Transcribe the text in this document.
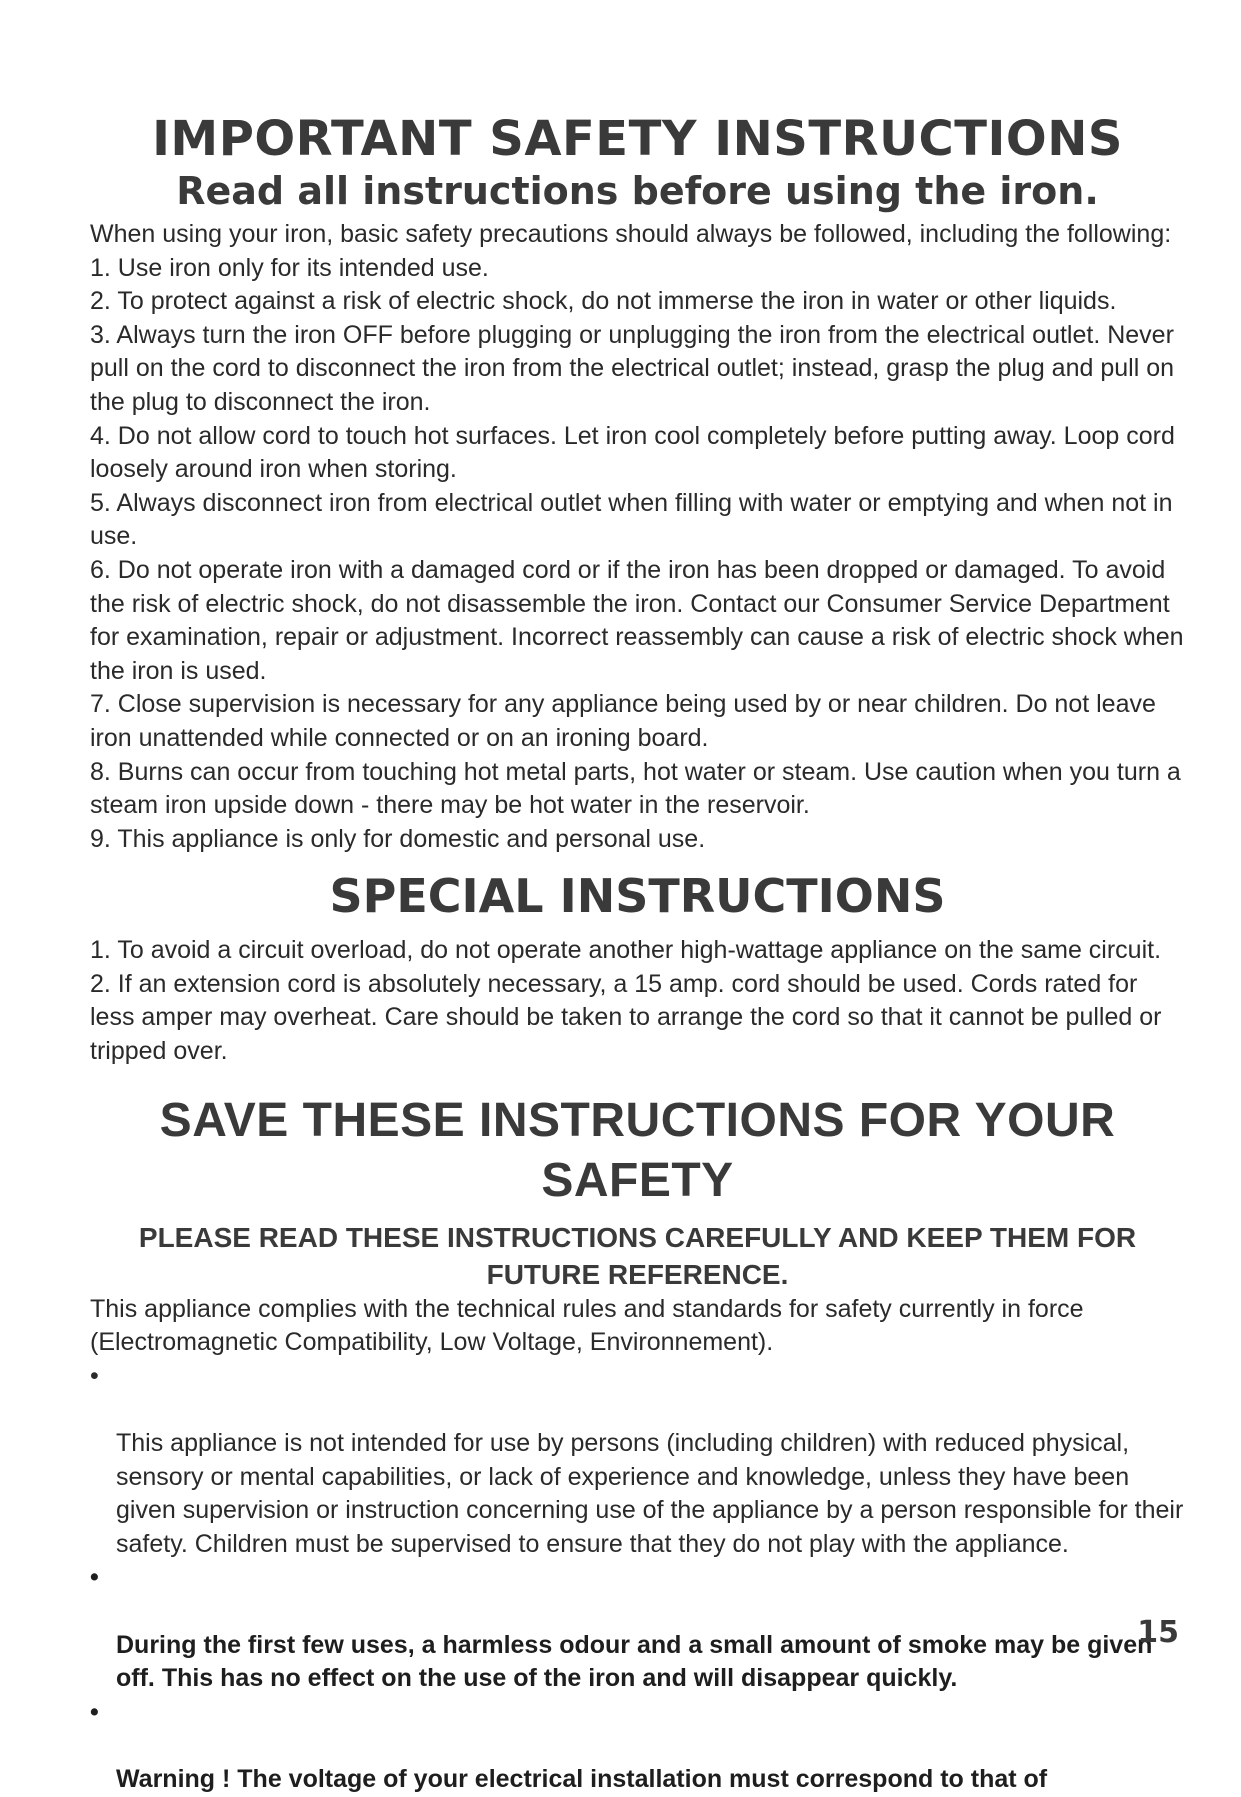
IMPORTANT SAFETY INSTRUCTIONS
Read all instructions before using the iron.

When using your iron, basic safety precautions should always be followed, including the following:

1. Use iron only for its intended use.

2. To protect against a risk of electric shock, do not immerse the iron in water or other liquids.

3. Always turn the iron OFF before plugging or unplugging the iron from the electrical outlet. Never pull on the cord to disconnect the iron from the electrical outlet; instead, grasp the plug and pull on the plug to disconnect the iron.

4. Do not allow cord to touch hot surfaces. Let iron cool completely before putting away. Loop cord loosely around iron when storing.

5. Always disconnect iron from electrical outlet when filling with water or emptying and when not in use.

6. Do not operate iron with a damaged cord or if the iron has been dropped or damaged. To avoid the risk of electric shock, do not disassemble the iron. Contact our Consumer Service Department for examination, repair or adjustment. Incorrect reassembly can cause a risk of electric shock when the iron is used.

7. Close supervision is necessary for any appliance being used by or near children. Do not leave iron unattended while connected or on an ironing board.

8. Burns can occur from touching hot metal parts, hot water or steam. Use caution when you turn a steam iron upside down - there may be hot water in the reservoir.

9. This appliance is only for domestic and personal use.

SPECIAL INSTRUCTIONS

1. To avoid a circuit overload, do not operate another high-wattage appliance on the same circuit.

2. If an extension cord is absolutely necessary, a 15 amp. cord should be used. Cords rated for less amper may overheat. Care should be taken to arrange the cord so that it cannot be pulled or tripped over.

SAVE THESE INSTRUCTIONS FOR YOUR SAFETY
PLEASE READ THESE INSTRUCTIONS CAREFULLY AND KEEP THEM FOR FUTURE REFERENCE.

This appliance complies with the technical rules and standards for safety currently in force (Electromagnetic Compatibility, Low Voltage, Environnement).

•

This appliance is not intended for use by persons (including children) with reduced physical, sensory or mental capabilities, or lack of experience and knowledge, unless they have been given supervision or instruction concerning use of the appliance by a person responsible for their safety. Children must be supervised to ensure that they do not play with the appliance.

•

During the first few uses, a harmless odour and a small amount of smoke may be given off. This has no effect on the use of the iron and will disappear quickly.

•

Warning ! The voltage of your electrical installation must correspond to that of

15
